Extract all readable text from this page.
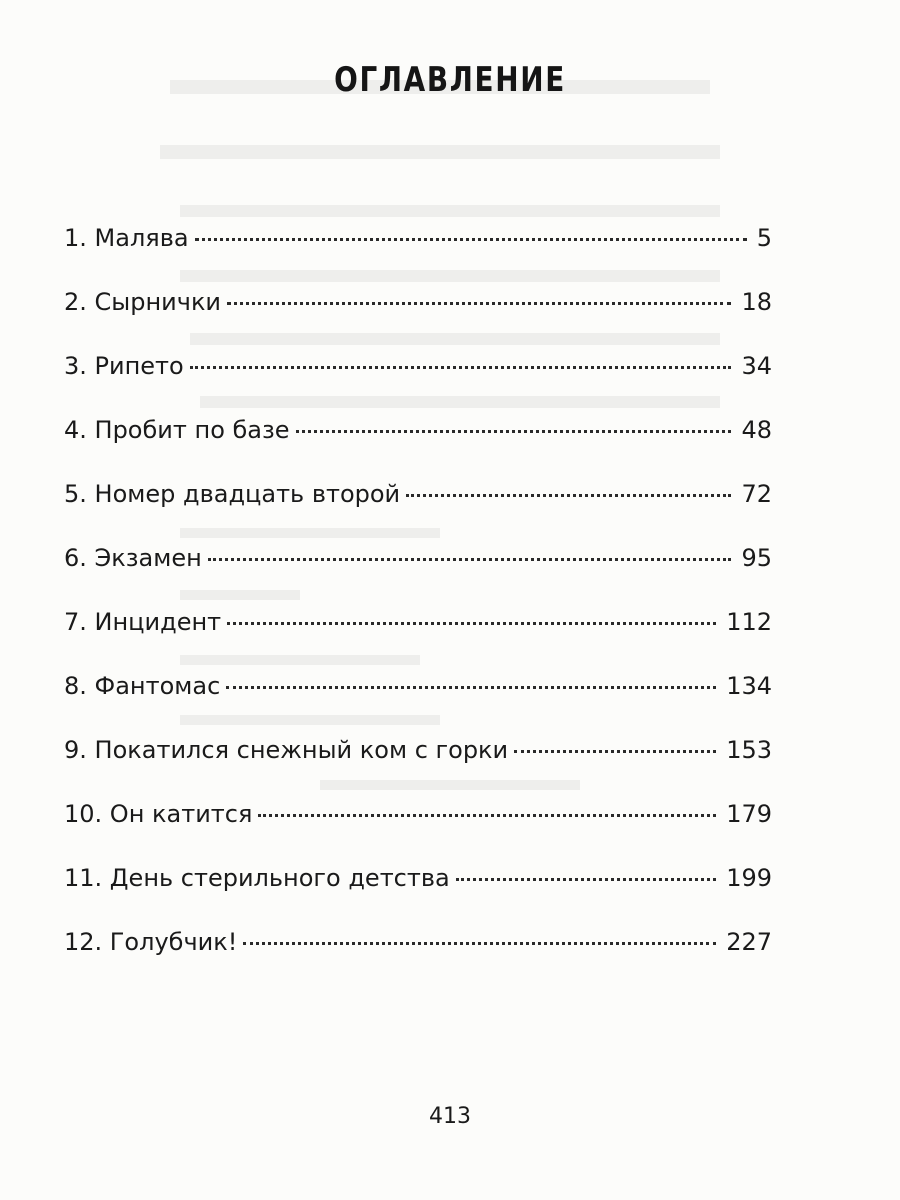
ОГЛАВЛЕНИЕ
1. Малява	5
2. Сырнички	18
3. Рипето	34
4. Пробит по базе	48
5. Номер двадцать второй	72
6. Экзамен	95
7. Инцидент	112
8. Фантомас	134
9. Покатился снежный ком с горки	153
10. Он катится	179
11. День стерильного детства	199
12. Голубчик!	227
413
